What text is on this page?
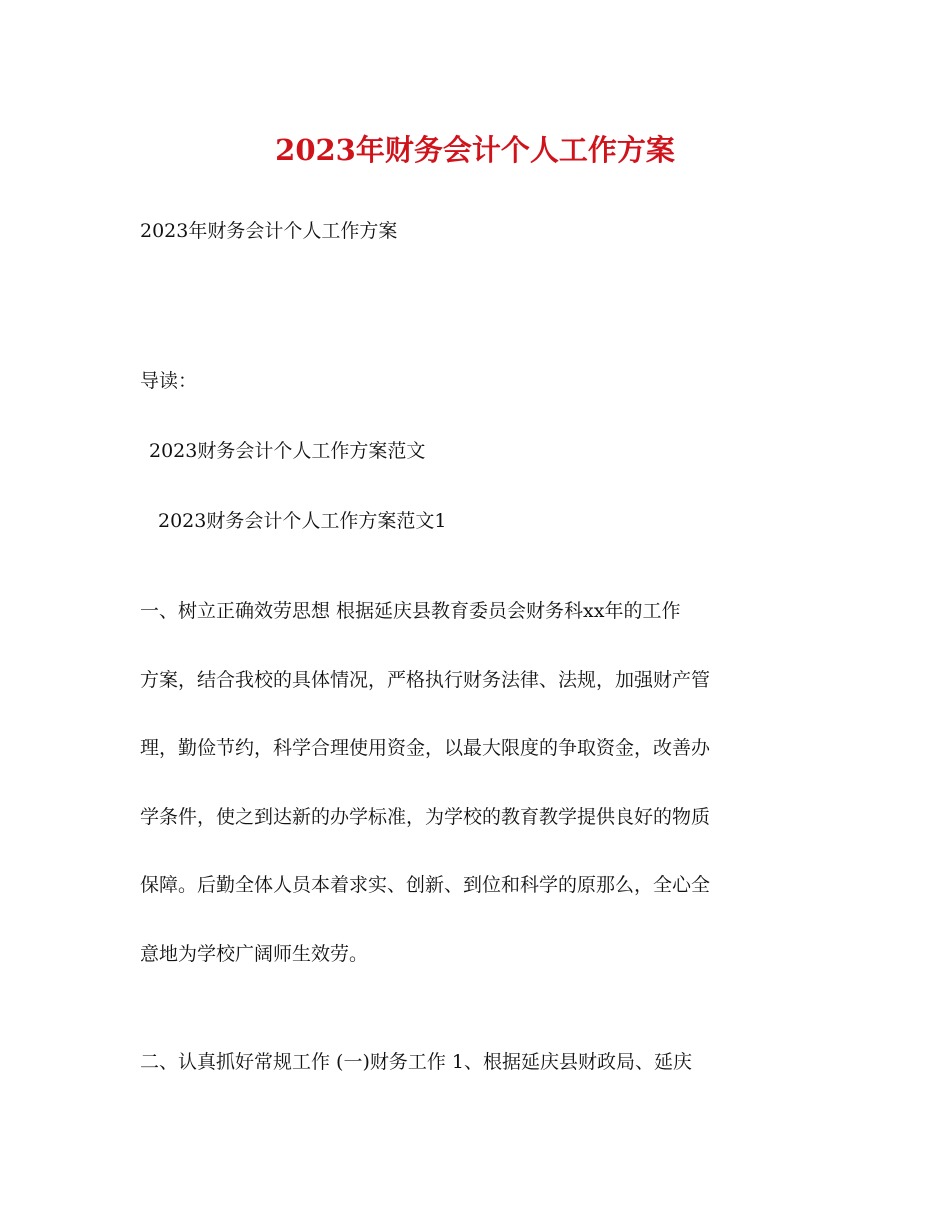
2023年财务会计个人工作方案
2023年财务会计个人工作方案
导读：
2023财务会计个人工作方案范文
2023财务会计个人工作方案范文1
一、树立正确效劳思想 根据延庆县教育委员会财务科xx年的工作
方案，结合我校的具体情况，严格执行财务法律、法规，加强财产管
理，勤俭节约，科学合理使用资金，以最大限度的争取资金，改善办
学条件，使之到达新的办学标准，为学校的教育教学提供良好的物质
保障。后勤全体人员本着求实、创新、到位和科学的原那么，全心全
意地为学校广阔师生效劳。
二、认真抓好常规工作 (一)财务工作 1、根据延庆县财政局、延庆
